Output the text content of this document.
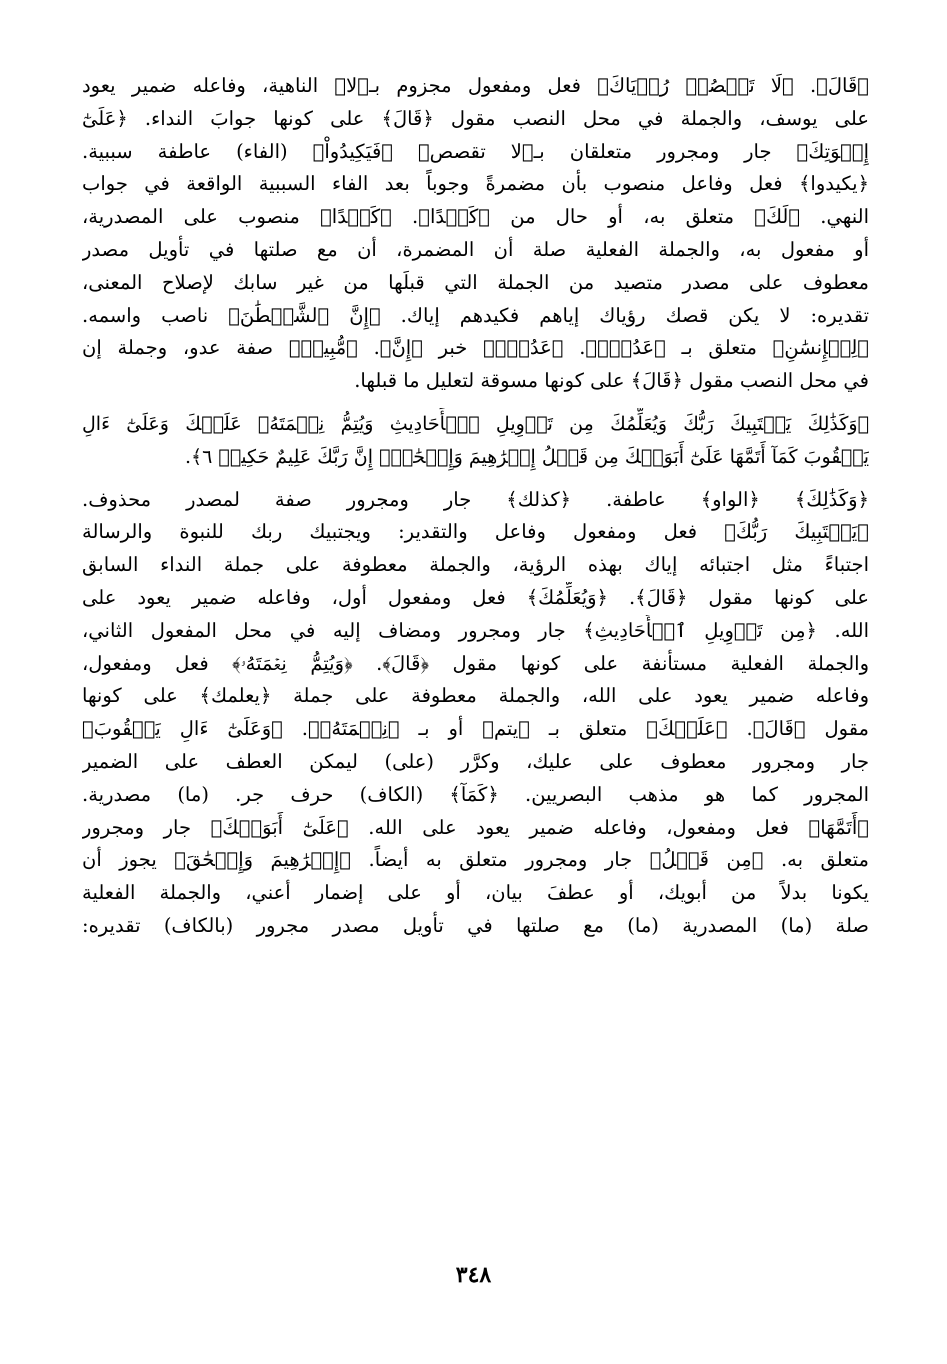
﴿قَالَ﴾. ﴿لَا تَقۡصُصۡ رُءۡيَاكَ﴾ فعل ومفعول مجزوم بـ﴿لا﴾ الناهية، وفاعله ضمير يعود
على يوسف، والجملة في محل النصب مقول ﴿قَالَ﴾ على كونها جوابَ النداء. ﴿عَلَىٰٓ
إِخۡوَتِكَ﴾ جار ومجرور متعلقان بـ﴿لا تقصص﴾ ﴿فَيَكِيدُواْ﴾ (الفاء) عاطفة سببية.
﴿يكيدوا﴾ فعل وفاعل منصوب بأن مضمرةً وجوباً بعد الفاء السببية الواقعة في جواب
النهي. ﴿لَكَ﴾ متعلق به، أو حال من ﴿كَيۡدًا﴾. ﴿كَيۡدًا﴾ منصوب على المصدرية،
أو مفعول به، والجملة الفعلية صلة أن المضمرة، أن مع صلتها في تأويل مصدر
معطوف على مصدر متصيد من الجملة التي قبلَها من غير سابك لإصلاح المعنى،
تقديره: لا يكن قصك رؤياك إياهم فكيدهم إياك. ﴿إِنَّ ٱلشَّيۡطَٰنَ﴾ ناصب واسمه.
﴿لِلۡإِنسَٰنِ﴾ متعلق بـ ﴿عَدُوّٞ﴾. ﴿عَدُوّٞ﴾ خبر ﴿إِنَّ﴾. ﴿مُّبِينٞ﴾ صفة عدو، وجملة إن
في محل النصب مقول ﴿قَالَ﴾ على كونها مسوقة لتعليل ما قبلها.
﴿وَكَذَٰلِكَ يَجۡتَبِيكَ رَبُّكَ وَيُعَلِّمُكَ مِن تَأۡوِيلِ ٱلۡأَحَادِيثِ وَيُتِمُّ نِعۡمَتَهُۥ عَلَيۡكَ وَعَلَىٰٓ ءَالِ
يَعۡقُوبَ كَمَآ أَتَمَّهَا عَلَىٰٓ أَبَوَيۡكَ مِن قَبۡلُ إِبۡرَٰهِيمَ وَإِسۡحَٰقَۚ إِنَّ رَبَّكَ عَلِيمٌ حَكِيمٞ ٦﴾.
﴿وَكَذَٰلِكَ﴾ ﴿الواو﴾ عاطفة. ﴿كذلك﴾ جار ومجرور صفة لمصدر محذوف.
﴿يَجۡتَبِيكَ رَبُّكَ﴾ فعل ومفعول وفاعل والتقدير: ويجتبيك ربك للنبوة والرسالة
اجتباءً مثل اجتبائه إياك بهذه الرؤية، والجملة معطوفة على جملة النداء السابق
على كونها مقول ﴿قَالَ﴾. ﴿وَيُعَلِّمُكَ﴾ فعل ومفعول أول، وفاعله ضمير يعود على
الله. ﴿مِن تَأۡوِيلِ ٱلۡأَحَادِيثِ﴾ جار ومجرور ومضاف إليه في محل المفعول الثاني،
والجملة الفعلية مستأنفة على كونها مقول ﴿قَالَ﴾. ﴿وَيُتِمُّ نِعۡمَتَهُۥ﴾ فعل ومفعول،
وفاعله ضمير يعود على الله، والجملة معطوفة على جملة ﴿يعلمك﴾ على كونها
مقول ﴿قَالَ﴾. ﴿عَلَيۡكَ﴾ متعلق بـ ﴿يتم﴾ أو بـ ﴿نِعۡمَتَهُۥ﴾. ﴿وَعَلَىٰٓ ءَالِ يَعۡقُوبَ﴾
جار ومجرور معطوف على عليك، وكرَّر (على) ليمكن العطف على الضمير
المجرور كما هو مذهب البصريين. ﴿كَمَآ﴾ (الكاف) حرف جر. (ما) مصدرية.
﴿أَتَمَّهَا﴾ فعل ومفعول، وفاعله ضمير يعود على الله. ﴿عَلَىٰٓ أَبَوَيۡكَ﴾ جار ومجرور
متعلق به. ﴿مِن قَبۡلُ﴾ جار ومجرور متعلق به أيضاً. ﴿إِبۡرَٰهِيمَ وَإِسۡحَٰقَ﴾ يجوز أن
يكونا بدلاً من أبويك، أو عطفَ بيان، أو على إضمار أعني، والجملة الفعلية
صلة (ما) المصدرية (ما) مع صلتها في تأويل مصدر مجرور (بالكاف) تقديره:
٣٤٨
